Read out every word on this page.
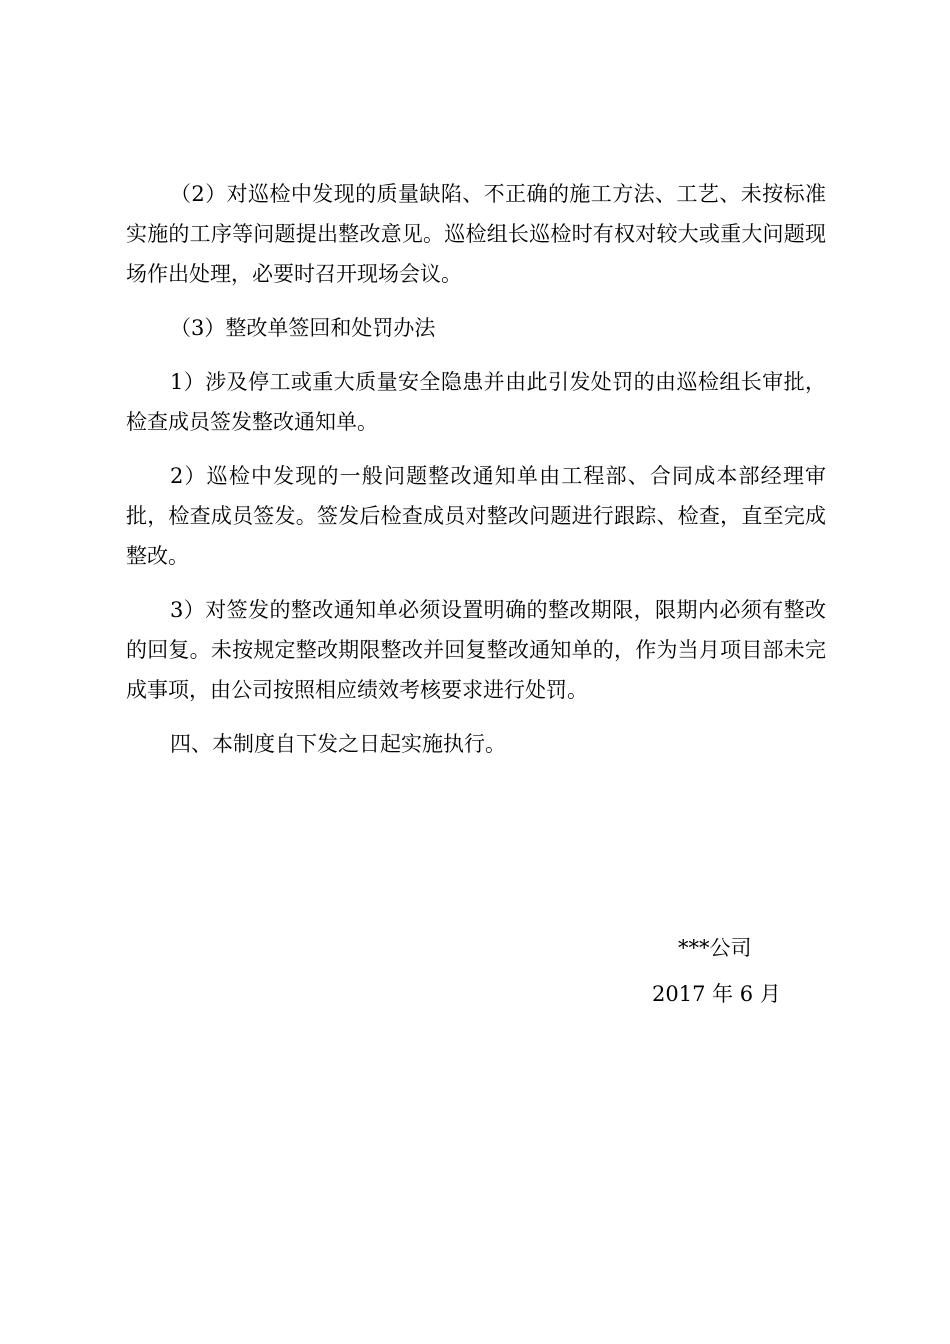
（2）对巡检中发现的质量缺陷、不正确的施工方法、工艺、未按标准实施的工序等问题提出整改意见。巡检组长巡检时有权对较大或重大问题现场作出处理，必要时召开现场会议。

（3）整改单签回和处罚办法

1）涉及停工或重大质量安全隐患并由此引发处罚的由巡检组长审批，检查成员签发整改通知单。

2）巡检中发现的一般问题整改通知单由工程部、合同成本部经理审批，检查成员签发。签发后检查成员对整改问题进行跟踪、检查，直至完成整改。

3）对签发的整改通知单必须设置明确的整改期限，限期内必须有整改的回复。未按规定整改期限整改并回复整改通知单的，作为当月项目部未完成事项，由公司按照相应绩效考核要求进行处罚。

四、本制度自下发之日起实施执行。

***公司

2017 年 6 月
